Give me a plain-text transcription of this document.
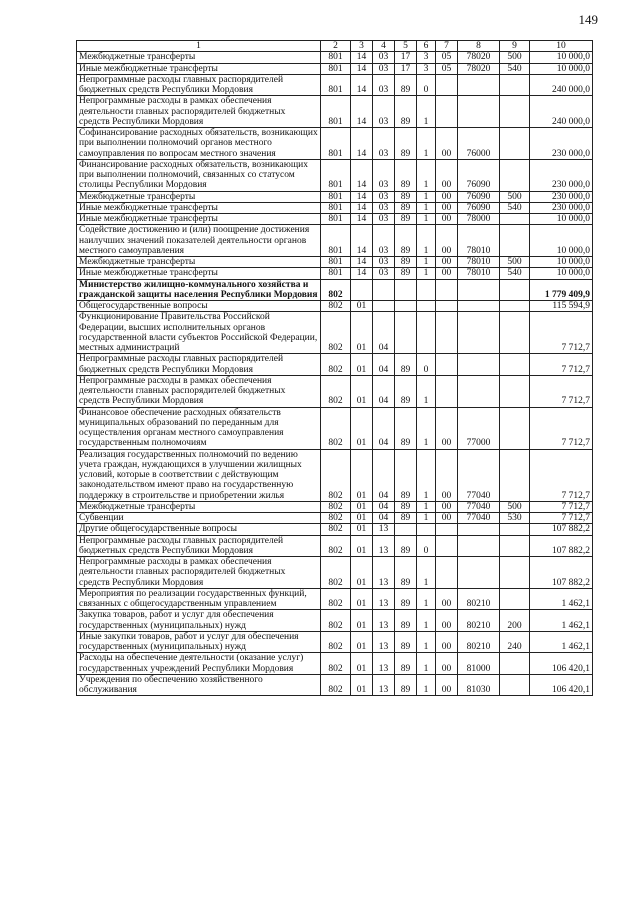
149
1	2	3	4	5	6	7	8	9	10
Межбюджетные трансферты	801	14	03	17	3	05	78020	500	10 000,0
Иные межбюджетные трансферты	801	14	03	17	3	05	78020	540	10 000,0
Непрограммные расходы главных распорядителей бюджетных средств Республики Мордовия	801	14	03	89	0				240 000,0
Непрограммные расходы в рамках обеспечения деятельности главных распорядителей бюджетных средств Республики Мордовия	801	14	03	89	1				240 000,0
Софинансирование расходных обязательств, возникающих при выполнении полномочий органов местного самоуправления по вопросам местного значения	801	14	03	89	1	00	76000		230 000,0
Финансирование расходных обязательств, возникающих при выполнении полномочий, связанных со статусом столицы Республики Мордовия	801	14	03	89	1	00	76090		230 000,0
Межбюджетные трансферты	801	14	03	89	1	00	76090	500	230 000,0
Иные межбюджетные трансферты	801	14	03	89	1	00	76090	540	230 000,0
Иные межбюджетные трансферты	801	14	03	89	1	00	78000		10 000,0
Содействие достижению и (или) поощрение достижения наилучших значений показателей деятельности органов местного самоуправления	801	14	03	89	1	00	78010		10 000,0
Межбюджетные трансферты	801	14	03	89	1	00	78010	500	10 000,0
Иные межбюджетные трансферты	801	14	03	89	1	00	78010	540	10 000,0
Министерство жилищно-коммунального хозяйства и гражданской защиты населения Республики Мордовия	802								1 779 409,9
Общегосударственные вопросы	802	01							115 594,9
Функционирование Правительства Российской Федерации, высших исполнительных органов государственной власти субъектов Российской Федерации, местных администраций	802	01	04						7 712,7
Непрограммные расходы главных распорядителей бюджетных средств Республики Мордовия	802	01	04	89	0				7 712,7
Непрограммные расходы в рамках обеспечения деятельности главных распорядителей бюджетных средств Республики Мордовия	802	01	04	89	1				7 712,7
Финансовое обеспечение расходных обязательств муниципальных образований по переданным для осуществления органам местного самоуправления государственным полномочиям	802	01	04	89	1	00	77000		7 712,7
Реализация государственных полномочий по ведению учета граждан, нуждающихся в улучшении жилищных условий, которые в соответствии с действующим законодательством имеют право на государственную поддержку в строительстве и приобретении жилья	802	01	04	89	1	00	77040		7 712,7
Межбюджетные трансферты	802	01	04	89	1	00	77040	500	7 712,7
Субвенции	802	01	04	89	1	00	77040	530	7 712,7
Другие общегосударственные вопросы	802	01	13						107 882,2
Непрограммные расходы главных распорядителей бюджетных средств Республики Мордовия	802	01	13	89	0				107 882,2
Непрограммные расходы в рамках обеспечения деятельности главных распорядителей бюджетных средств Республики Мордовия	802	01	13	89	1				107 882,2
Мероприятия по реализации государственных функций, связанных с общегосударственным управлением	802	01	13	89	1	00	80210		1 462,1
Закупка товаров, работ и услуг для обеспечения государственных (муниципальных) нужд	802	01	13	89	1	00	80210	200	1 462,1
Иные закупки товаров, работ и услуг для обеспечения государственных (муниципальных) нужд	802	01	13	89	1	00	80210	240	1 462,1
Расходы на обеспечение деятельности (оказание услуг) государственных учреждений Республики Мордовия	802	01	13	89	1	00	81000		106 420,1
Учреждения по обеспечению хозяйственного обслуживания	802	01	13	89	1	00	81030		106 420,1
